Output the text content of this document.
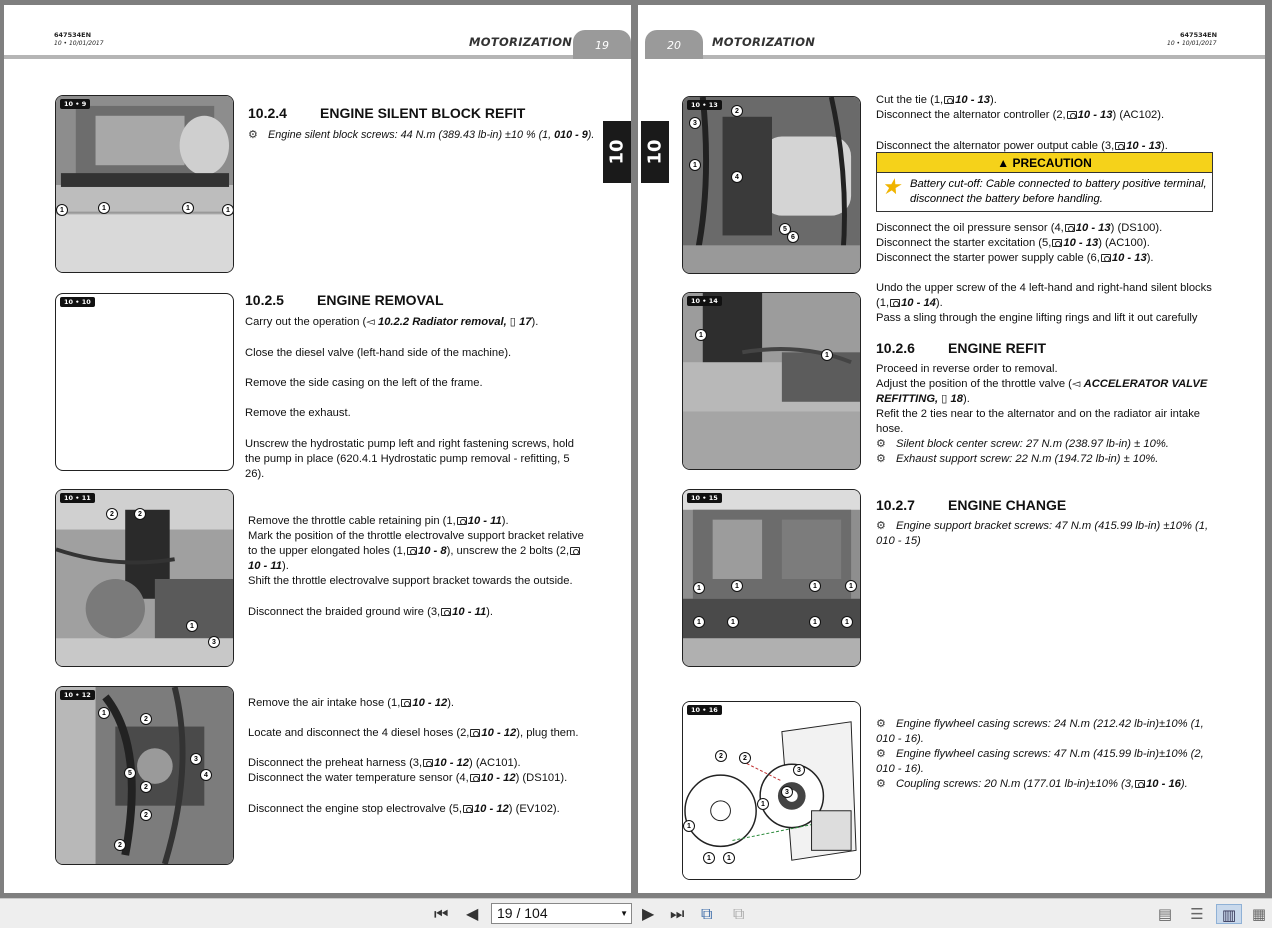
647534EN
10 • 10/01/2017	MOTORIZATION	19
10
10 • 9
1	1	1	1
10.2.4 ENGINE SILENT BLOCK REFIT
⚙ Engine silent block screws: 44 N.m (389.43 lb-in) ±10 % (1, 010 - 9).
10 • 10	10.2.5 ENGINE REMOVAL
Carry out the operation (◅ 10.2.2 Radiator removal, ▯ 17).
Close the diesel valve (left-hand side of the machine).
Remove the side casing on the left of the frame.
Remove the exhaust.
Unscrew the hydrostatic pump left and right fastening screws, hold the pump in place (620.4.1 Hydrostatic pump removal - refitting, 5 26).
10 • 11
2	2
1
3
Remove the throttle cable retaining pin (1, 10 - 11).
Mark the position of the throttle electrovalve support bracket relative to the upper elongated holes (1, 10 - 8), unscrew the 2 bolts (2,10 - 11).
Shift the throttle electrovalve support bracket towards the outside.
Disconnect the braided ground wire (3, 10 - 11).
10 • 12
1
2
3
4
5
2
2
2
Remove the air intake hose (1, 10 - 12).
Locate and disconnect the 4 diesel hoses (2, 10 - 12), plug them.
Disconnect the preheat harness (3, 10 - 12) (AC101).
Disconnect the water temperature sensor (4, 10 - 12) (DS101).
Disconnect the engine stop electrovalve (5, 10 - 12) (EV102).
20	MOTORIZATION	647534EN
10 • 10/01/2017
10
10 • 13
2
3
1
4
5
6
Cut the tie (1, 10 - 13).
Disconnect the alternator controller (2, 10 - 13) (AC102).
Disconnect the alternator power output cable (3, 10 - 13).
▲ PRECAUTION
★ Battery cut-off: Cable connected to battery positive terminal, disconnect the battery before handling.
Disconnect the oil pressure sensor (4, 10 - 13) (DS100).
Disconnect the starter excitation (5, 10 - 13) (AC100).
Disconnect the starter power supply cable (6, 10 - 13).
10 • 14
1
1
Undo the upper screw of the 4 left-hand and right-hand silent blocks (1, 10 - 14).
Pass a sling through the engine lifting rings and lift it out carefully
10.2.6 ENGINE REFIT
Proceed in reverse order to removal.
Adjust the position of the throttle valve (◅ ACCELERATOR VALVE REFITTING, ▯ 18).
Refit the 2 ties near to the alternator and on the radiator air intake hose.
⚙ Silent block center screw: 27 N.m (238.97 lb-in) ± 10%.
⚙ Exhaust support screw: 22 N.m (194.72 lb-in) ± 10%.
10 • 15
1	1	1	1
1	1	1	1
10.2.7 ENGINE CHANGE
⚙ Engine support bracket screws: 47 N.m (415.99 lb-in) ±10% (1, 010 - 15)
10 • 16
2	2
3
3
1
1	1
1
⚙ Engine flywheel casing screws: 24 N.m (212.42 lb-in)±10% (1, 010 - 16).
⚙ Engine flywheel casing screws: 47 N.m (415.99 lb-in)±10% (2, 010 - 16).
⚙ Coupling screws: 20 N.m (177.01 lb-in)±10% (3, 10 - 16).
⏮ ◀	19 / 104	▼ ▶ ⏭ ⧉ ⧉	▤	☰	▥	▦
